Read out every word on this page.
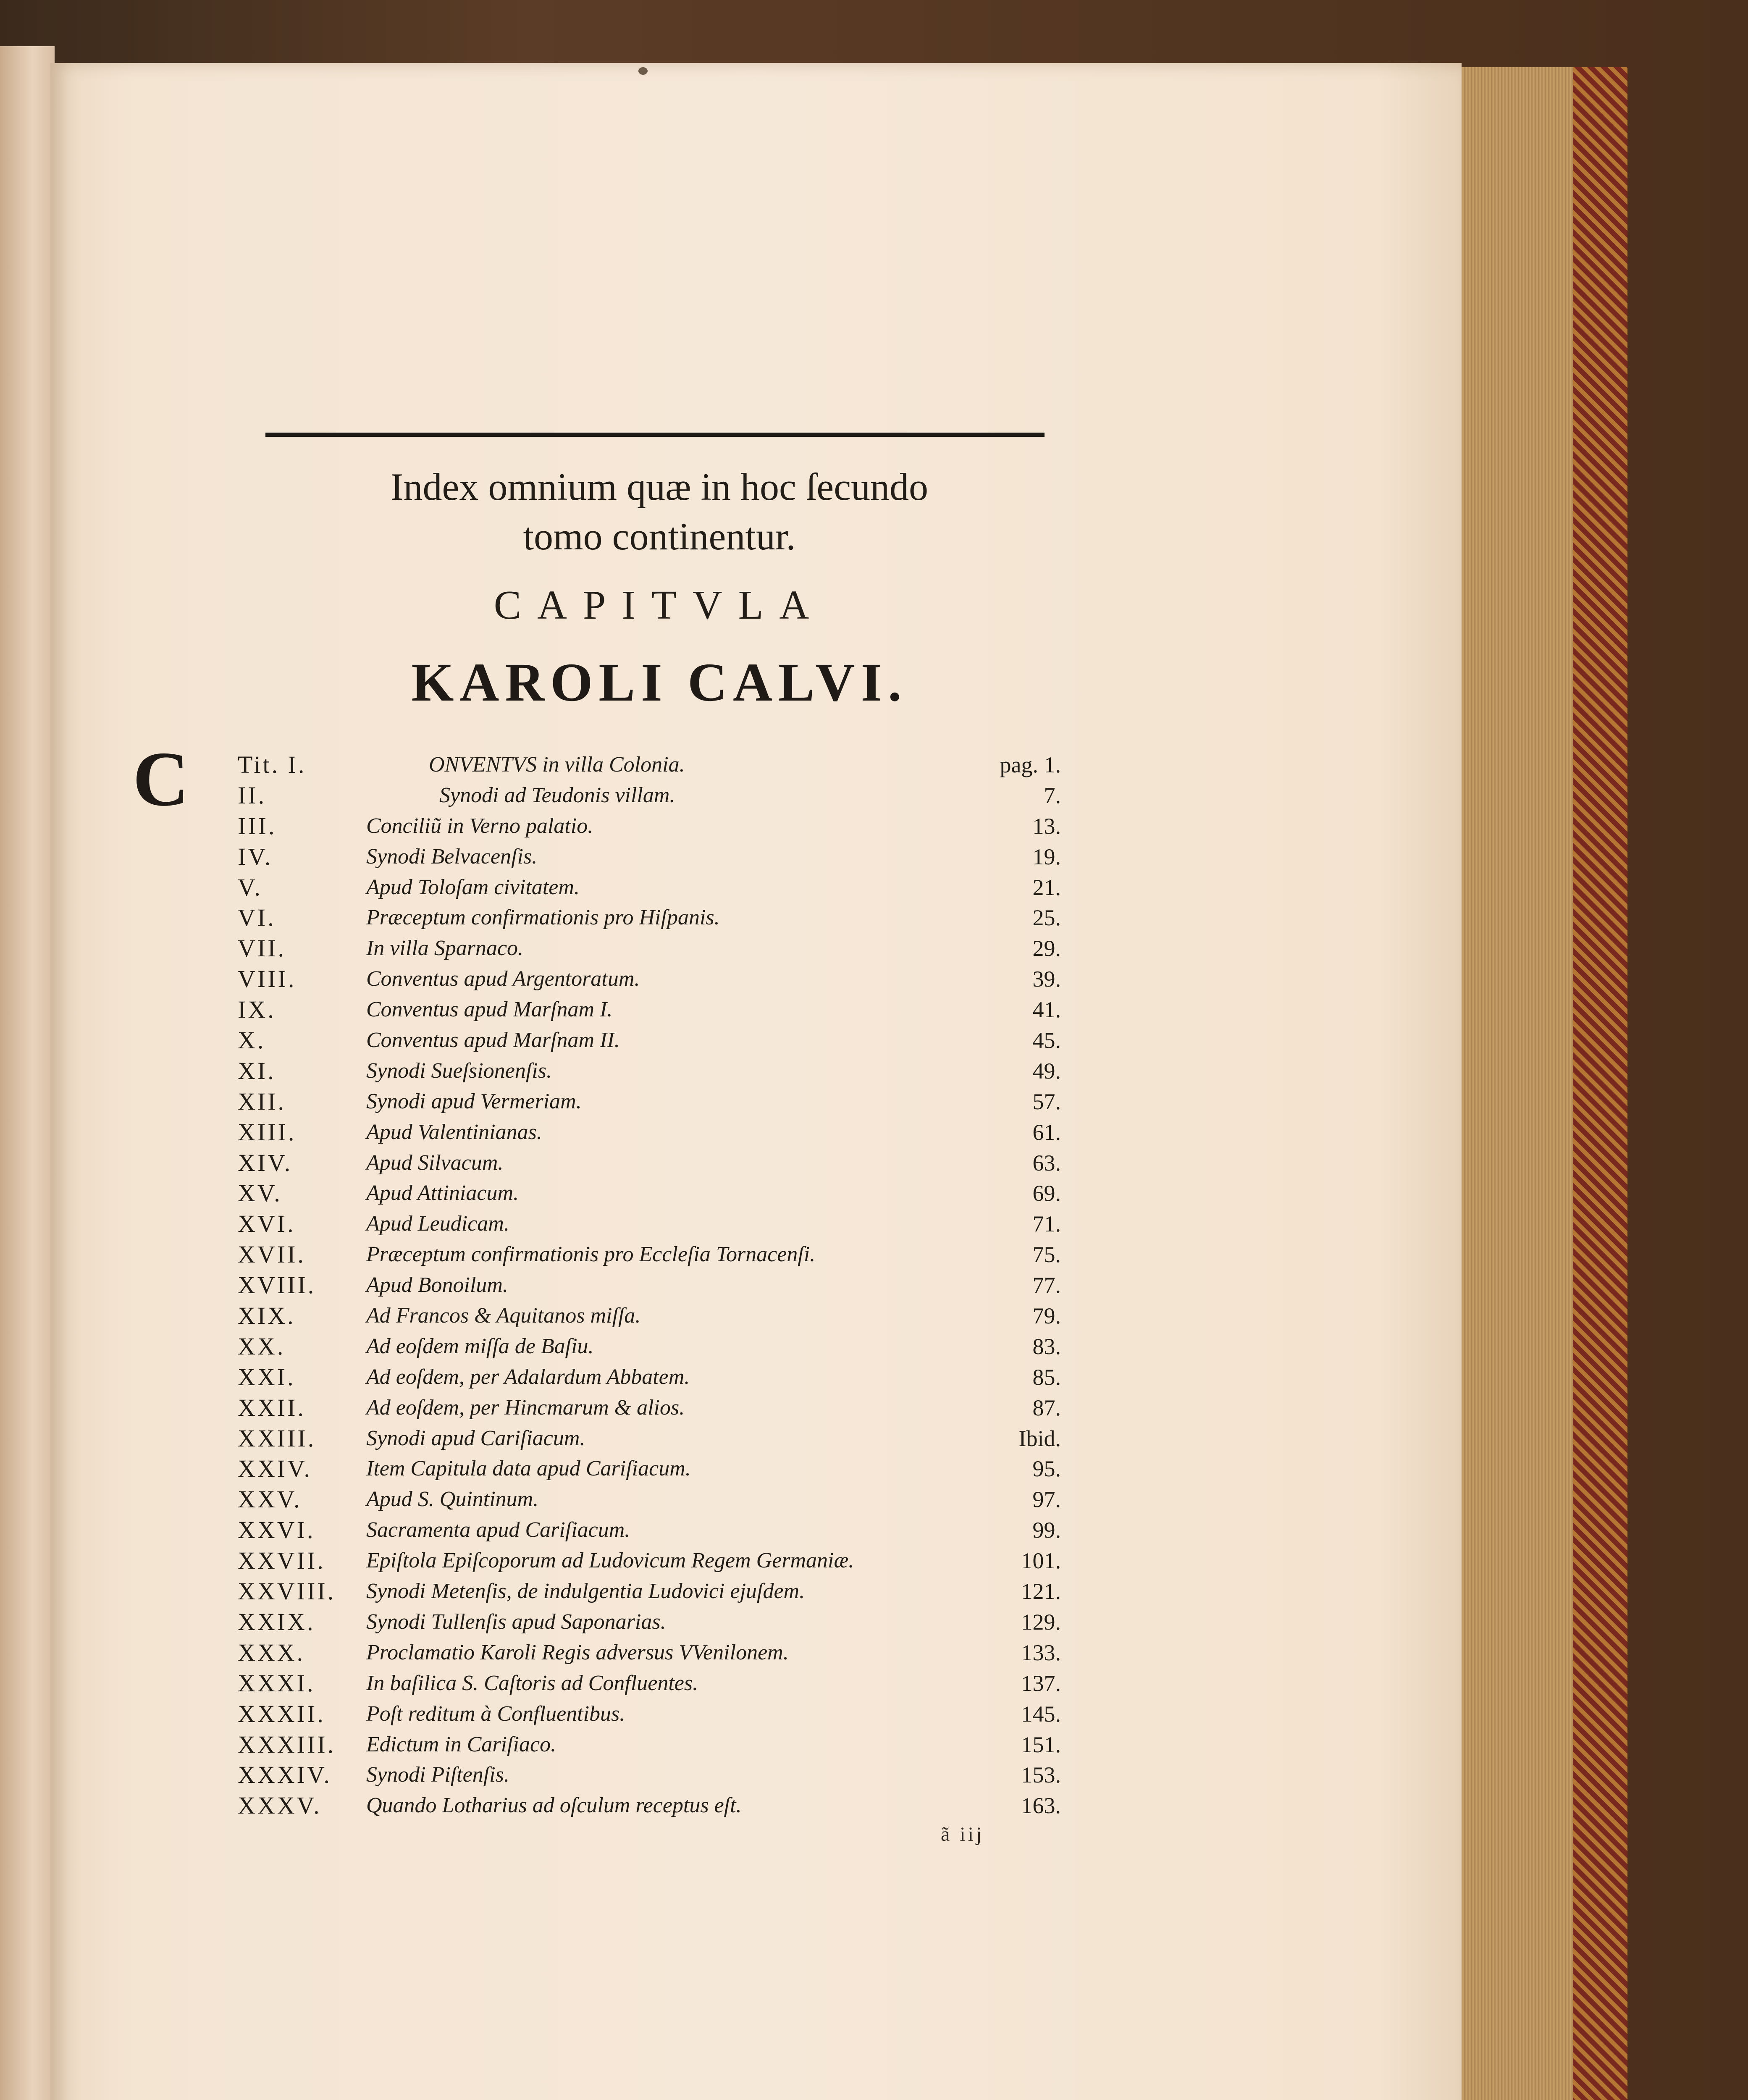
Index omnium quæ in hoc ſecundo
tomo continentur.
CAPITVLA
KAROLI CALVI.
C Tit. I.	ONVENTVS in villa Colonia.	pag. 1.
II.	Synodi ad Teudonis villam.	7.
III.	Conciliũ in Verno palatio.	13.
IV.	Synodi Belvacenſis.	19.
V.	Apud Toloſam civitatem.	21.
VI.	Præceptum confirmationis pro Hiſpanis.	25.
VII.	In villa Sparnaco.	29.
VIII.	Conventus apud Argentoratum.	39.
IX.	Conventus apud Marſnam I.	41.
X.	Conventus apud Marſnam II.	45.
XI.	Synodi Sueſsionenſis.	49.
XII.	Synodi apud Vermeriam.	57.
XIII.	Apud Valentinianas.	61.
XIV.	Apud Silvacum.	63.
XV.	Apud Attiniacum.	69.
XVI.	Apud Leudicam.	71.
XVII.	Præceptum confirmationis pro Eccleſia Tornacenſi.	75.
XVIII.	Apud Bonoilum.	77.
XIX.	Ad Francos & Aquitanos miſſa.	79.
XX.	Ad eoſdem miſſa de Baſiu.	83.
XXI.	Ad eoſdem, per Adalardum Abbatem.	85.
XXII.	Ad eoſdem, per Hincmarum & alios.	87.
XXIII.	Synodi apud Cariſiacum.	Ibid.
XXIV.	Item Capitula data apud Cariſiacum.	95.
XXV.	Apud S. Quintinum.	97.
XXVI.	Sacramenta apud Cariſiacum.	99.
XXVII.	Epiſtola Epiſcoporum ad Ludovicum Regem Germaniæ.	101.
XXVIII.	Synodi Metenſis, de indulgentia Ludovici ejuſdem.	121.
XXIX.	Synodi Tullenſis apud Saponarias.	129.
XXX.	Proclamatio Karoli Regis adversus VVenilonem.	133.
XXXI.	In baſilica S. Caſtoris ad Confluentes.	137.
XXXII.	Poſt reditum à Confluentibus.	145.
XXXIII.	Edictum in Cariſiaco.	151.
XXXIV.	Synodi Piſtenſis.	153.
XXXV.	Quando Lotharius ad oſculum receptus eſt.	163.
ã iij
